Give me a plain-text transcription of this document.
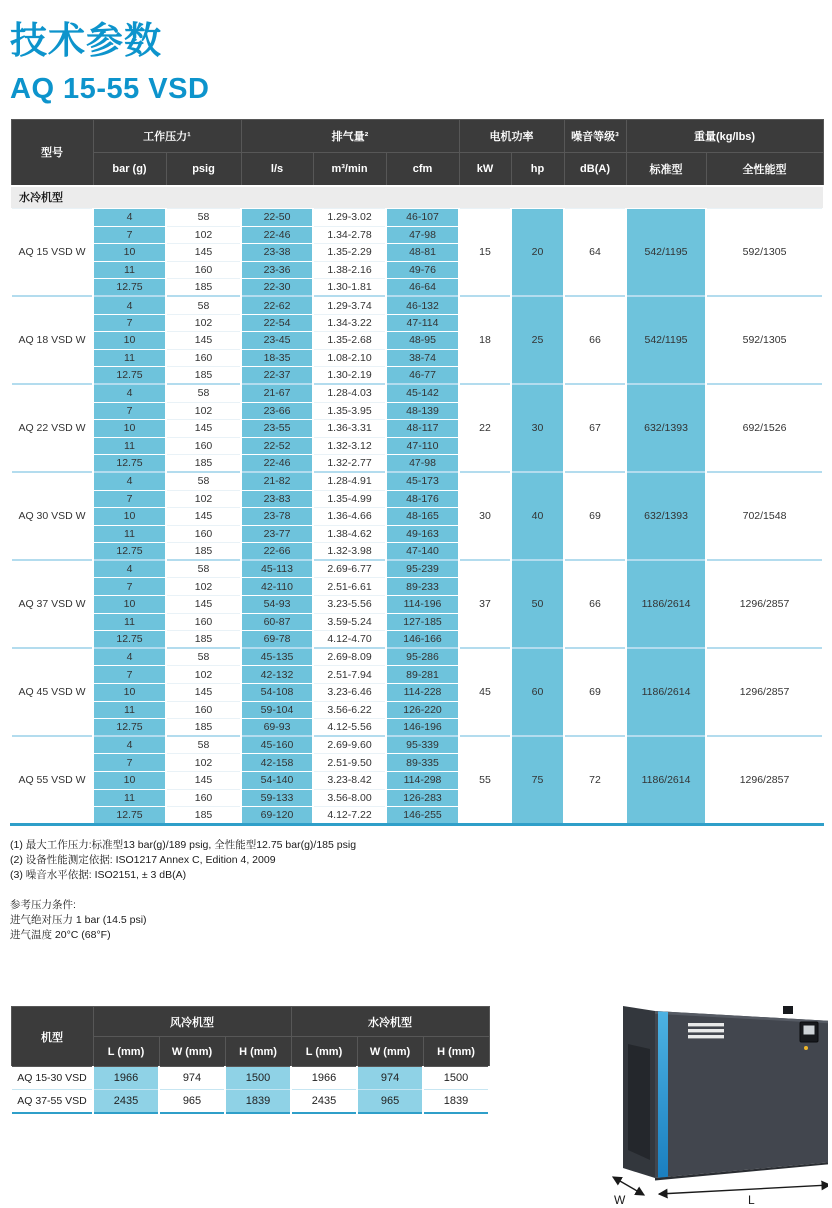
技术参数
AQ 15-55 VSD
型号	工作压力¹		排气量²			电机功率		噪音等级³	重量(kg/lbs)	
	bar (g)	psig	l/s	m³/min	cfm	kW	hp	dB(A)	标准型	全性能型
水冷机型										
AQ 15 VSD W	4	58	22-50	1.29-3.02	46-107	15	20	64	542/1195	592/1305
	7	102	22-46	1.34-2.78	47-98					
	10	145	23-38	1.35-2.29	48-81					
	11	160	23-36	1.38-2.16	49-76					
	12.75	185	22-30	1.30-1.81	46-64					
AQ 18 VSD W	4	58	22-62	1.29-3.74	46-132	18	25	66	542/1195	592/1305
	7	102	22-54	1.34-3.22	47-114					
	10	145	23-45	1.35-2.68	48-95					
	11	160	18-35	1.08-2.10	38-74					
	12.75	185	22-37	1.30-2.19	46-77					
AQ 22 VSD W	4	58	21-67	1.28-4.03	45-142	22	30	67	632/1393	692/1526
	7	102	23-66	1.35-3.95	48-139					
	10	145	23-55	1.36-3.31	48-117					
	11	160	22-52	1.32-3.12	47-110					
	12.75	185	22-46	1.32-2.77	47-98					
AQ 30 VSD W	4	58	21-82	1.28-4.91	45-173	30	40	69	632/1393	702/1548
	7	102	23-83	1.35-4.99	48-176					
	10	145	23-78	1.36-4.66	48-165					
	11	160	23-77	1.38-4.62	49-163					
	12.75	185	22-66	1.32-3.98	47-140					
AQ 37 VSD W	4	58	45-113	2.69-6.77	95-239	37	50	66	1186/2614	1296/2857
	7	102	42-110	2.51-6.61	89-233					
	10	145	54-93	3.23-5.56	114-196					
	11	160	60-87	3.59-5.24	127-185					
	12.75	185	69-78	4.12-4.70	146-166					
AQ 45 VSD W	4	58	45-135	2.69-8.09	95-286	45	60	69	1186/2614	1296/2857
	7	102	42-132	2.51-7.94	89-281					
	10	145	54-108	3.23-6.46	114-228					
	11	160	59-104	3.56-6.22	126-220					
	12.75	185	69-93	4.12-5.56	146-196					
AQ 55 VSD W	4	58	45-160	2.69-9.60	95-339	55	75	72	1186/2614	1296/2857
	7	102	42-158	2.51-9.50	89-335					
	10	145	54-140	3.23-8.42	114-298					
	11	160	59-133	3.56-8.00	126-283					
	12.75	185	69-120	4.12-7.22	146-255					
(1) 最大工作压力:标准型13 bar(g)/189 psig, 全性能型12.75 bar(g)/185 psig
(2) 设备性能测定依据: ISO1217 Annex C, Edition 4, 2009
(3) 噪音水平依据: ISO2151, ± 3 dB(A)
参考压力条件:
进气绝对压力 1 bar (14.5 psi)
进气温度 20°C (68°F)
机型	风冷机型			水冷机型		
	L (mm)	W (mm)	H (mm)	L (mm)	W (mm)	H (mm)
AQ 15-30 VSD	1966	974	1500	1966	974	1500
AQ 37-55 VSD	2435	965	1839	2435	965	1839
W	L
